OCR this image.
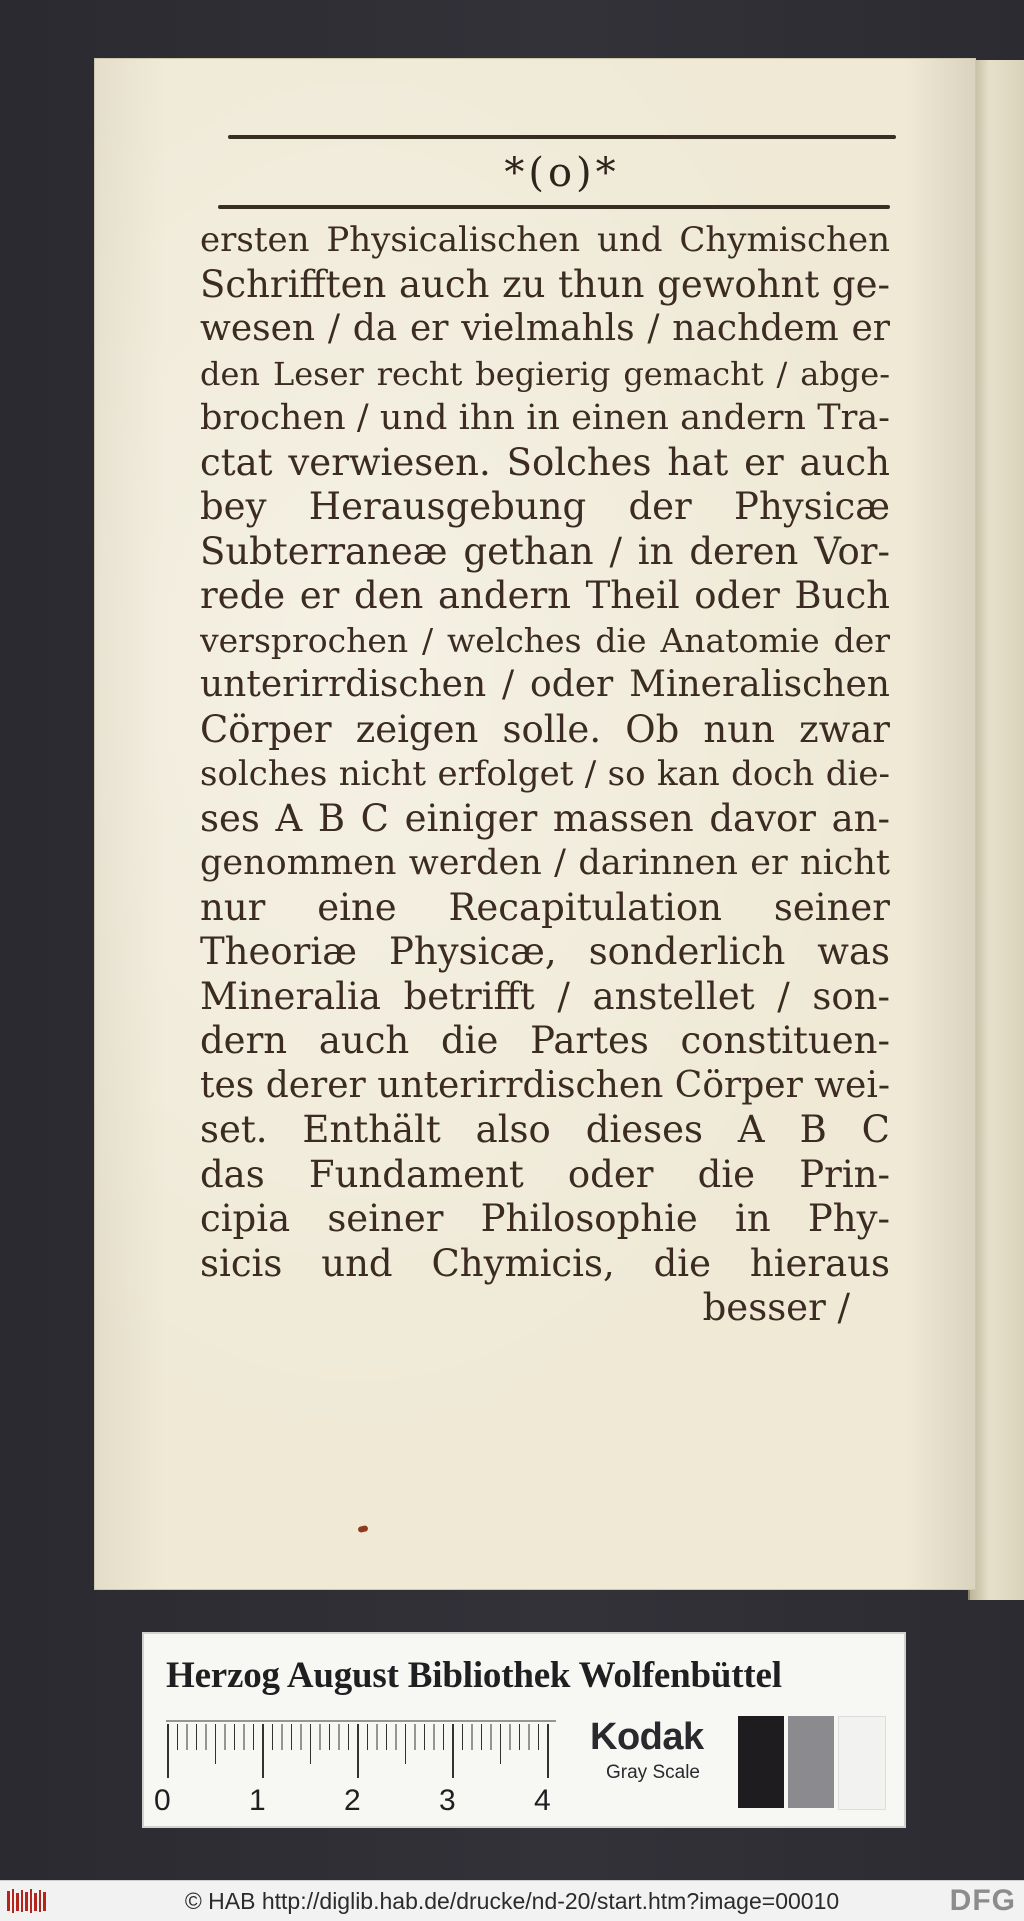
*(o)*
ersten Physicalischen und Chymischen
Schrifften auch zu thun gewohnt ge-
wesen / da er vielmahls / nachdem er
den Leser recht begierig gemacht / abge-
brochen / und ihn in einen andern Tra-
ctat verwiesen. Solches hat er auch
bey Herausgebung der Physicæ
Subterraneæ gethan / in deren Vor-
rede er den andern Theil oder Buch
versprochen / welches die Anatomie der
unterirrdischen / oder Mineralischen
Cörper zeigen solle. Ob nun zwar
solches nicht erfolget / so kan doch die-
ses A B C einiger massen davor an-
genommen werden / darinnen er nicht
nur eine Recapitulation seiner
Theoriæ Physicæ, sonderlich was
Mineralia betrifft / anstellet / son-
dern auch die Partes constituen-
tes derer unterirrdischen Cörper wei-
set. Enthält also dieses A B C
das Fundament oder die Prin-
cipia seiner Philosophie in Phy-
sicis und Chymicis, die hieraus
besser /
Herzog August Bibliothek Wolfenbüttel
0	1	2	3	4
Kodak
Gray Scale
© HAB http://diglib.hab.de/drucke/nd-20/start.htm?image=00010	DFG
